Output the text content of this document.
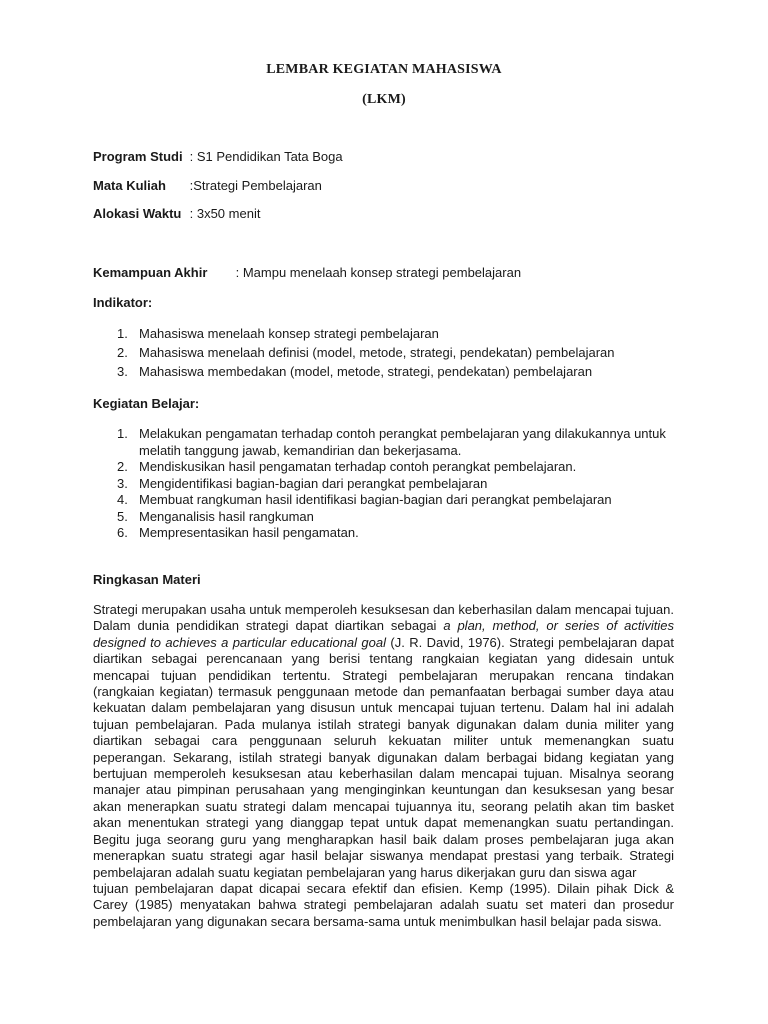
LEMBAR KEGIATAN MAHASISWA
(LKM)
Program Studi : S1 Pendidikan Tata Boga
Mata Kuliah :Strategi Pembelajaran
Alokasi Waktu : 3x50 menit
Kemampuan Akhir : Mampu menelaah konsep strategi pembelajaran
Indikator:
1. Mahasiswa menelaah konsep strategi pembelajaran
2. Mahasiswa menelaah definisi (model, metode, strategi, pendekatan) pembelajaran
3. Mahasiswa membedakan (model, metode, strategi, pendekatan) pembelajaran
Kegiatan Belajar:
1. Melakukan pengamatan terhadap contoh perangkat pembelajaran yang dilakukannya untuk melatih tanggung jawab, kemandirian dan bekerjasama.
2. Mendiskusikan hasil pengamatan terhadap contoh perangkat pembelajaran.
3. Mengidentifikasi bagian-bagian dari perangkat pembelajaran
4. Membuat rangkuman hasil identifikasi bagian-bagian dari perangkat pembelajaran
5. Menganalisis hasil rangkuman
6. Mempresentasikan hasil pengamatan.
Ringkasan Materi

Strategi merupakan usaha untuk memperoleh kesuksesan dan keberhasilan dalam mencapai tujuan. Dalam dunia pendidikan strategi dapat diartikan sebagai a plan, method, or series of activities designed to achieves a particular educational goal (J. R. David, 1976). Strategi pembelajaran dapat diartikan sebagai perencanaan yang berisi tentang rangkaian kegiatan yang didesain untuk mencapai tujuan pendidikan tertentu. Strategi pembelajaran merupakan rencana tindakan (rangkaian kegiatan) termasuk penggunaan metode dan pemanfaatan berbagai sumber daya atau kekuatan dalam pembelajaran yang disusun untuk mencapai tujuan tertenu. Dalam hal ini adalah tujuan pembelajaran. Pada mulanya istilah strategi banyak digunakan dalam dunia militer yang diartikan sebagai cara penggunaan seluruh kekuatan militer untuk memenangkan suatu peperangan. Sekarang, istilah strategi banyak digunakan dalam berbagai bidang kegiatan yang bertujuan memperoleh kesuksesan atau keberhasilan dalam mencapai tujuan. Misalnya seorang manajer atau pimpinan perusahaan yang menginginkan keuntungan dan kesuksesan yang besar akan menerapkan suatu strategi dalam mencapai tujuannya itu, seorang pelatih akan tim basket akan menentukan strategi yang dianggap tepat untuk dapat memenangkan suatu pertandingan. Begitu juga seorang guru yang mengharapkan hasil baik dalam proses pembelajaran juga akan menerapkan suatu strategi agar hasil belajar siswanya mendapat prestasi yang terbaik. Strategi pembelajaran adalah suatu kegiatan pembelajaran yang harus dikerjakan guru dan siswa agar

tujuan pembelajaran dapat dicapai secara efektif dan efisien. Kemp (1995). Dilain pihak Dick & Carey (1985) menyatakan bahwa strategi pembelajaran adalah suatu set materi dan prosedur pembelajaran yang digunakan secara bersama-sama untuk menimbulkan hasil belajar pada siswa.
